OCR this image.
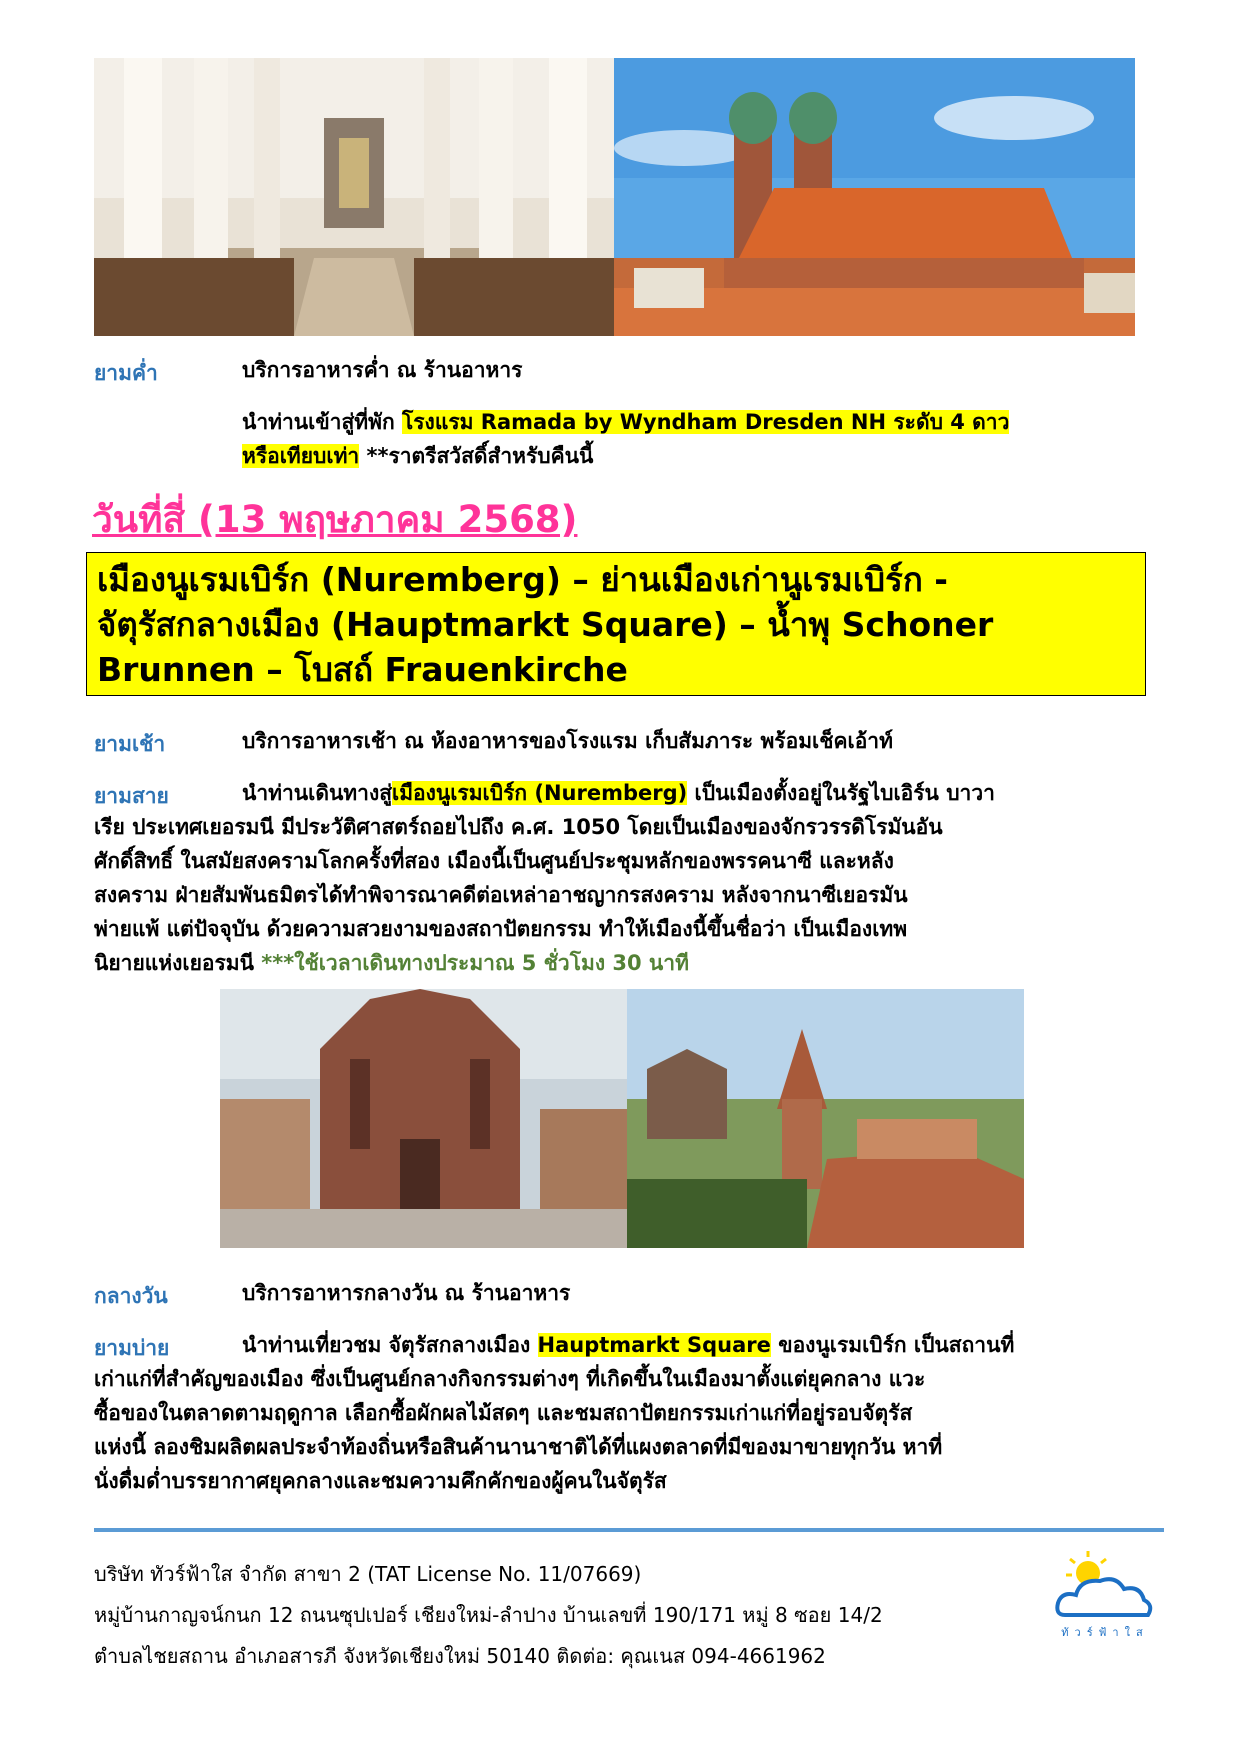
ยามค่ำ	บริการอาหารค่ำ ณ ร้านอาหาร
นำท่านเข้าสู่ที่พัก โรงแรม Ramada by Wyndham Dresden NH ระดับ 4 ดาว
หรือเทียบเท่า **ราตรีสวัสดิ์สำหรับคืนนี้
วันที่สี่ (13 พฤษภาคม 2568)
เมืองนูเรมเบิร์ก (Nuremberg) – ย่านเมืองเก่านูเรมเบิร์ก -
จัตุรัสกลางเมือง (Hauptmarkt Square) – น้ำพุ Schoner
Brunnen – โบสถ์ Frauenkirche
ยามเช้า	บริการอาหารเช้า ณ ห้องอาหารของโรงแรม เก็บสัมภาระ พร้อมเช็คเอ้าท์
ยามสาย	นำท่านเดินทางสู่เมืองนูเรมเบิร์ก (Nuremberg) เป็นเมืองตั้งอยู่ในรัฐไบเอิร์น บาวา
เรีย ประเทศเยอรมนี มีประวัติศาสตร์ถอยไปถึง ค.ศ. 1050 โดยเป็นเมืองของจักรวรรดิโรมันอัน
ศักดิ์สิทธิ์ ในสมัยสงครามโลกครั้งที่สอง เมืองนี้เป็นศูนย์ประชุมหลักของพรรคนาซี และหลัง
สงคราม ฝ่ายสัมพันธมิตรได้ทำพิจารณาคดีต่อเหล่าอาชญากรสงคราม หลังจากนาซีเยอรมัน
พ่ายแพ้ แต่ปัจจุบัน ด้วยความสวยงามของสถาปัตยกรรม ทำให้เมืองนี้ขึ้นชื่อว่า เป็นเมืองเทพ
นิยายแห่งเยอรมนี ***ใช้เวลาเดินทางประมาณ 5 ชั่วโมง 30 นาที
กลางวัน	บริการอาหารกลางวัน ณ ร้านอาหาร
ยามบ่าย	นำท่านเที่ยวชม จัตุรัสกลางเมือง Hauptmarkt Square ของนูเรมเบิร์ก เป็นสถานที่
เก่าแก่ที่สำคัญของเมือง ซึ่งเป็นศูนย์กลางกิจกรรมต่างๆ ที่เกิดขึ้นในเมืองมาตั้งแต่ยุคกลาง แวะ
ซื้อของในตลาดตามฤดูกาล เลือกซื้อผักผลไม้สดๆ และชมสถาปัตยกรรมเก่าแก่ที่อยู่รอบจัตุรัส
แห่งนี้ ลองชิมผลิตผลประจำท้องถิ่นหรือสินค้านานาชาติได้ที่แผงตลาดที่มีของมาขายทุกวัน หาที่
นั่งดื่มด่ำบรรยากาศยุคกลางและชมความคึกคักของผู้คนในจัตุรัส
บริษัท ทัวร์ฟ้าใส จำกัด สาขา 2 (TAT License No. 11/07669)
หมู่บ้านกาญจน์กนก 12 ถนนซุปเปอร์ เชียงใหม่-ลำปาง บ้านเลขที่ 190/171 หมู่ 8 ซอย 14/2
ตำบลไชยสถาน อำเภอสารภี จังหวัดเชียงใหม่ 50140 ติดต่อ: คุณเนส 094-4661962
ทัวร์ฟ้าใส
